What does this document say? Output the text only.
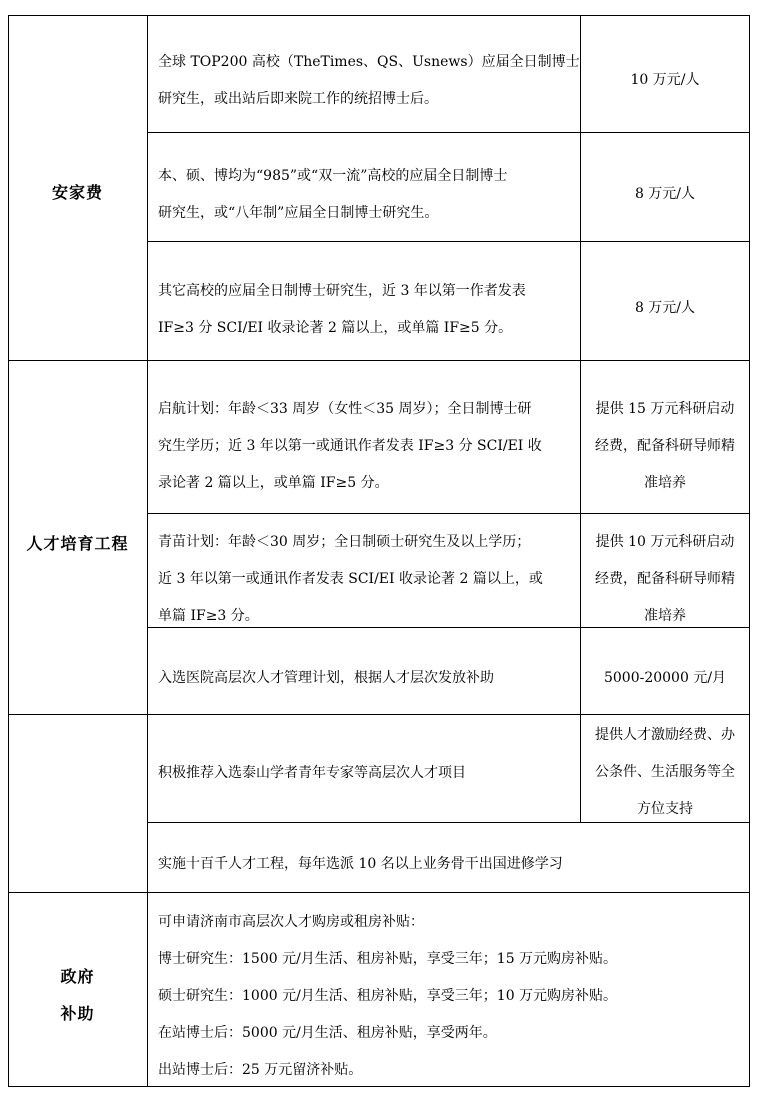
安家费
全球 TOP200 高校（TheTimes、QS、Usnews）应届全日制博士
研究生，或出站后即来院工作的统招博士后。
10 万元/人
本、硕、博均为“985”或“双一流”高校的应届全日制博士
研究生，或“八年制”应届全日制博士研究生。
8 万元/人
其它高校的应届全日制博士研究生，近 3 年以第一作者发表
IF≥3 分 SCI/EI 收录论著 2 篇以上，或单篇 IF≥5 分。
8 万元/人
人才培育工程
启航计划：年龄＜33 周岁（女性＜35 周岁）；全日制博士研
究生学历；近 3 年以第一或通讯作者发表 IF≥3 分 SCI/EI 收
录论著 2 篇以上，或单篇 IF≥5 分。
提供 15 万元科研启动
经费，配备科研导师精
准培养
青苗计划：年龄＜30 周岁；全日制硕士研究生及以上学历；
近 3 年以第一或通讯作者发表 SCI/EI 收录论著 2 篇以上，或
单篇 IF≥3 分。
提供 10 万元科研启动
经费，配备科研导师精
准培养
入选医院高层次人才管理计划，根据人才层次发放补助	5000-20000 元/月
积极推荐入选泰山学者青年专家等高层次人才项目
提供人才激励经费、办
公条件、生活服务等全
方位支持
实施十百千人才工程，每年选派 10 名以上业务骨干出国进修学习
政府
补助
可申请济南市高层次人才购房或租房补贴：
博士研究生：1500 元/月生活、租房补贴，享受三年；15 万元购房补贴。
硕士研究生：1000 元/月生活、租房补贴，享受三年；10 万元购房补贴。
在站博士后：5000 元/月生活、租房补贴，享受两年。
出站博士后：25 万元留济补贴。
